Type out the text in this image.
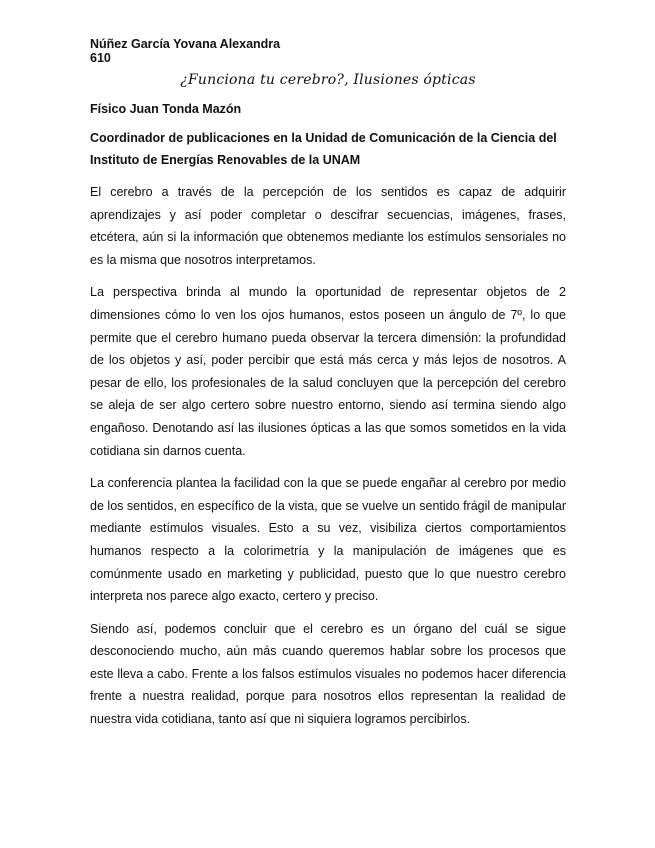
Núñez García Yovana Alexandra
610
¿Funciona tu cerebro?, Ilusiones ópticas
Físico Juan Tonda Mazón
Coordinador de publicaciones en la Unidad de Comunicación de la Ciencia del Instituto de Energías Renovables de la UNAM

El cerebro a través de la percepción de los sentidos es capaz de adquirir aprendizajes y así poder completar o descifrar secuencias, imágenes, frases, etcétera, aún si la información que obtenemos mediante los estímulos sensoriales no es la misma que nosotros interpretamos.

La perspectiva brinda al mundo la oportunidad de representar objetos de 2 dimensiones cómo lo ven los ojos humanos, estos poseen un ángulo de 7º, lo que permite que el cerebro humano pueda observar la tercera dimensión: la profundidad de los objetos y así, poder percibir que está más cerca y más lejos de nosotros. A pesar de ello, los profesionales de la salud concluyen que la percepción del cerebro se aleja de ser algo certero sobre nuestro entorno, siendo así termina siendo algo engañoso. Denotando así las ilusiones ópticas a las que somos sometidos en la vida cotidiana sin darnos cuenta.

La conferencia plantea la facilidad con la que se puede engañar al cerebro por medio de los sentidos, en específico de la vista, que se vuelve un sentido frágil de manipular mediante estímulos visuales. Esto a su vez, visibiliza ciertos comportamientos humanos respecto a la colorimetría y la manipulación de imágenes que es comúnmente usado en marketing y publicidad, puesto que lo que nuestro cerebro interpreta nos parece algo exacto, certero y preciso.

Siendo así, podemos concluir que el cerebro es un órgano del cuál se sigue desconociendo mucho, aún más cuando queremos hablar sobre los procesos que este lleva a cabo. Frente a los falsos estímulos visuales no podemos hacer diferencia frente a nuestra realidad, porque para nosotros ellos representan la realidad de nuestra vida cotidiana, tanto así que ni siquiera logramos percibirlos.
